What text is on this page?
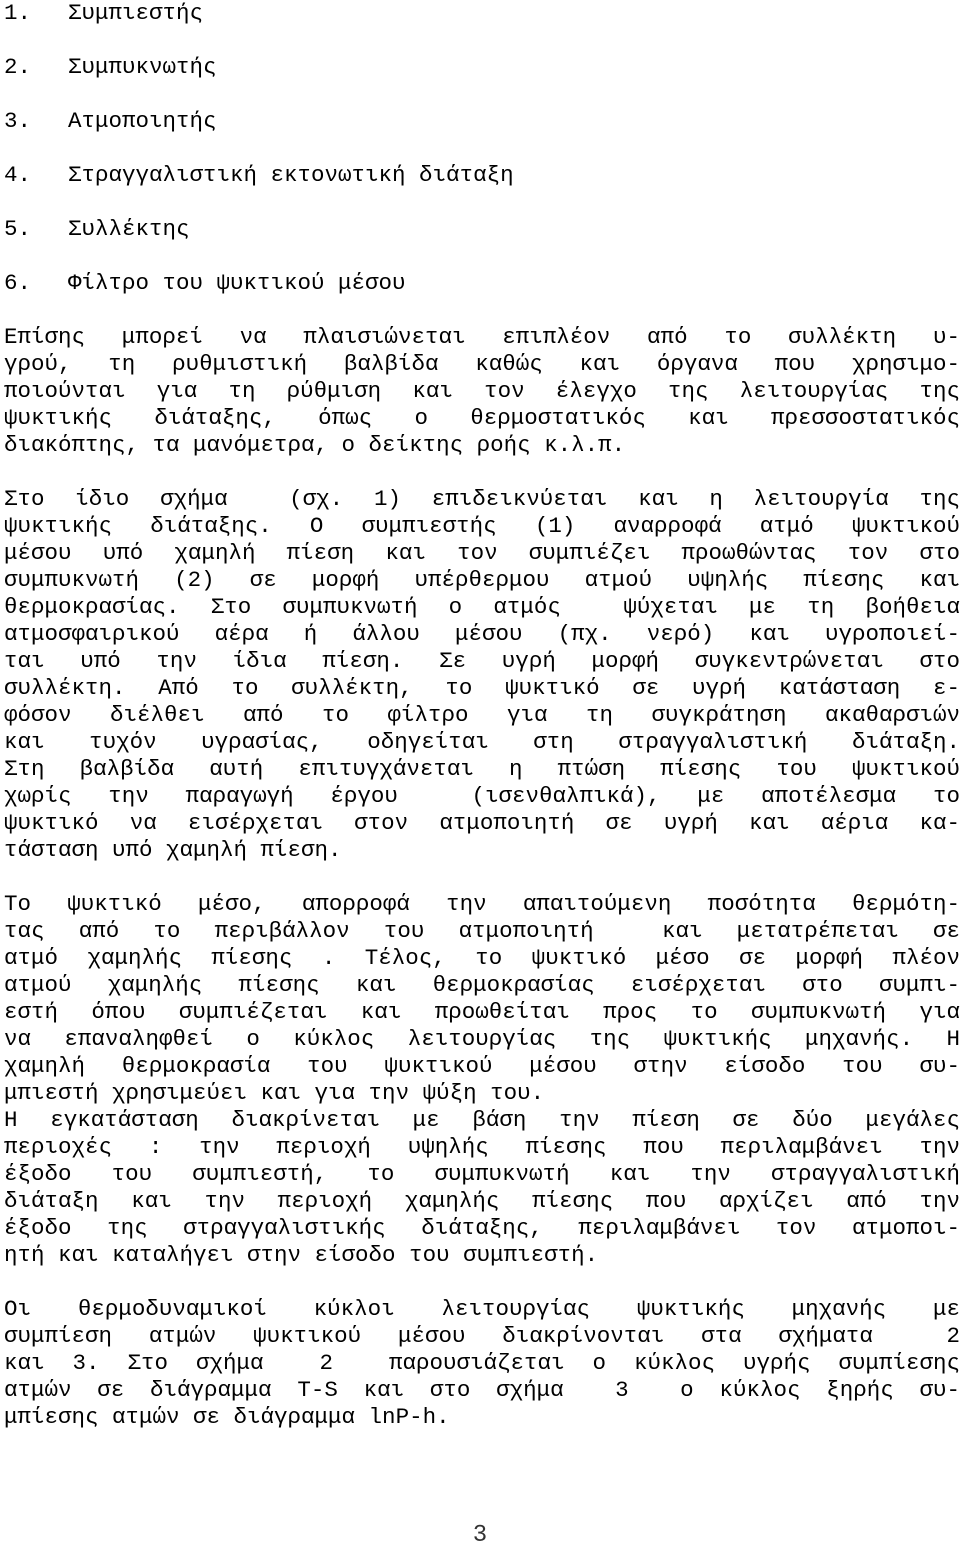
1.	Συμπιεστής
2.	Συμπυκνωτής
3.	Ατμοποιητής
4.	Στραγγαλιστική εκτονωτική διάταξη
5.	Συλλέκτης
6.	Φίλτρο του ψυκτικού μέσου
Επίσης μπορεί να πλαισιώνεται επιπλέον από το συλλέκτη υ-
γρού, τη ρυθμιστική βαλβίδα καθώς και όργανα που χρησιμο-
ποιούνται για τη ρύθμιση και τον έλεγχο της λειτουργίας της
ψυκτικής διάταξης, όπως ο θερμοστατικός και πρεσσοστατικός
διακόπτης, τα μανόμετρα, ο δείκτης ροής κ.λ.π.
Στο ίδιο σχήμα  (σχ. 1) επιδεικνύεται και η λειτουργία της
ψυκτικής διάταξης. Ο συμπιεστής (1) αναρροφά ατμό ψυκτικού
μέσου υπό χαμηλή πίεση και τον συμπιέζει προωθώντας τον στο
συμπυκνωτή (2) σε μορφή υπέρθερμου ατμού υψηλής πίεσης και
θερμοκρασίας. Στο συμπυκνωτή ο ατμός  ψύχεται με τη βοήθεια
ατμοσφαιρικού αέρα ή άλλου μέσου (πχ. νερό) και υγροποιεί-
ται υπό την ίδια πίεση. Σε υγρή μορφή συγκεντρώνεται στο
συλλέκτη. Από το συλλέκτη, το ψυκτικό σε υγρή κατάσταση ε-
φόσον διέλθει από το φίλτρο για τη συγκράτηση ακαθαρσιών
και τυχόν υγρασίας, οδηγείται στη στραγγαλιστική διάταξη.
Στη βαλβίδα αυτή επιτυγχάνεται η πτώση πίεσης του ψυκτικού
χωρίς την παραγωγή έργου  (ισενθαλπικά), με αποτέλεσμα το
ψυκτικό να εισέρχεται στον ατμοποιητή σε υγρή και αέρια κα-
τάσταση υπό χαμηλή πίεση.
Το ψυκτικό μέσο, απορροφά την απαιτούμενη ποσότητα θερμότη-
τας από το περιβάλλον του ατμοποιητή  και μετατρέπεται σε
ατμό χαμηλής πίεσης . Τέλος, το ψυκτικό μέσο σε μορφή πλέον
ατμού χαμηλής πίεσης και θερμοκρασίας εισέρχεται στο συμπι-
εστή όπου συμπιέζεται και προωθείται προς το συμπυκνωτή για
να επαναληφθεί ο κύκλος λειτουργίας της ψυκτικής μηχανής. Η
χαμηλή θερμοκρασία του ψυκτικού μέσου στην είσοδο του συ-
μπιεστή χρησιμεύει και για την ψύξη του.
Η εγκατάσταση διακρίνεται με βάση την πίεση σε δύο μεγάλες
περιοχές : την περιοχή υψηλής πίεσης που περιλαμβάνει την
έξοδο του συμπιεστή, το συμπυκνωτή και την στραγγαλιστική
διάταξη και την περιοχή χαμηλής πίεσης που αρχίζει από την
έξοδο της στραγγαλιστικής διάταξης, περιλαμβάνει τον ατμοποι-
ητή και καταλήγει στην είσοδο του συμπιεστή.
Οι θερμοδυναμικοί κύκλοι λειτουργίας ψυκτικής μηχανής με
συμπίεση ατμών ψυκτικού μέσου διακρίνονται στα σχήματα  2
και 3. Στο σχήμα  2  παρουσιάζεται ο κύκλος υγρής συμπίεσης
ατμών σε διάγραμμα T-S και στο σχήμα  3  ο κύκλος ξηρής συ-
μπίεσης ατμών σε διάγραμμα lnP-h.
3
